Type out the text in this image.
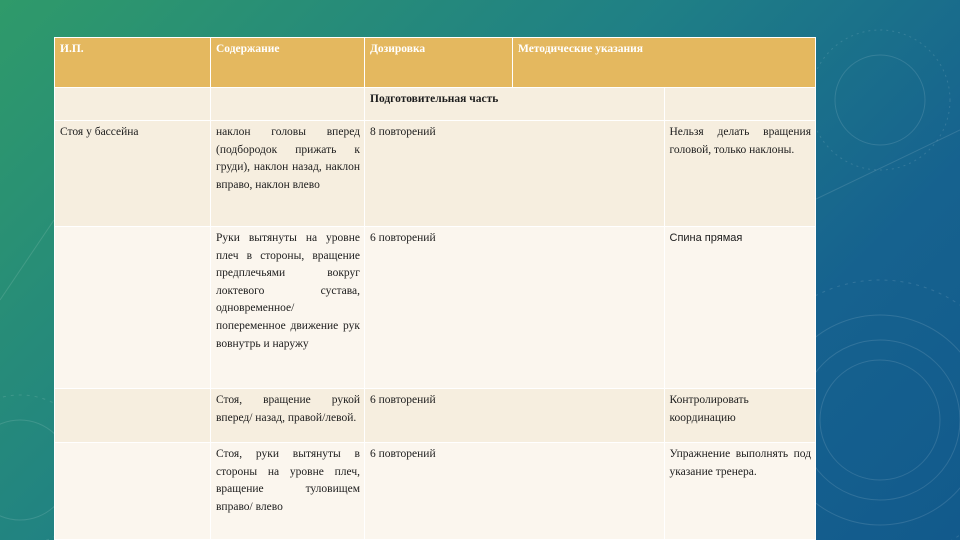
И.П.	Содержание	Дозировка	Методические указания	
		Подготовительная часть		
Стоя у бассейна	наклон головы вперед (подбородок прижать к груди), наклон назад, наклон вправо, наклон влево	8 повторений		Нельзя делать вращения головой, только наклоны.
	Руки вытянуты на уровне плеч в стороны, вращение предплечьями вокруг локтевого сустава, одновременное/ попеременное движение рук вовнутрь и наружу	6 повторений		Спина прямая
	Стоя, вращение рукой вперед/ назад, правой/левой.	6 повторений		Контролировать координацию
	Стоя, руки вытянуты в стороны на уровне плеч, вращение туловищем вправо/ влево	6 повторений		Упражнение выполнять под указание тренера.
